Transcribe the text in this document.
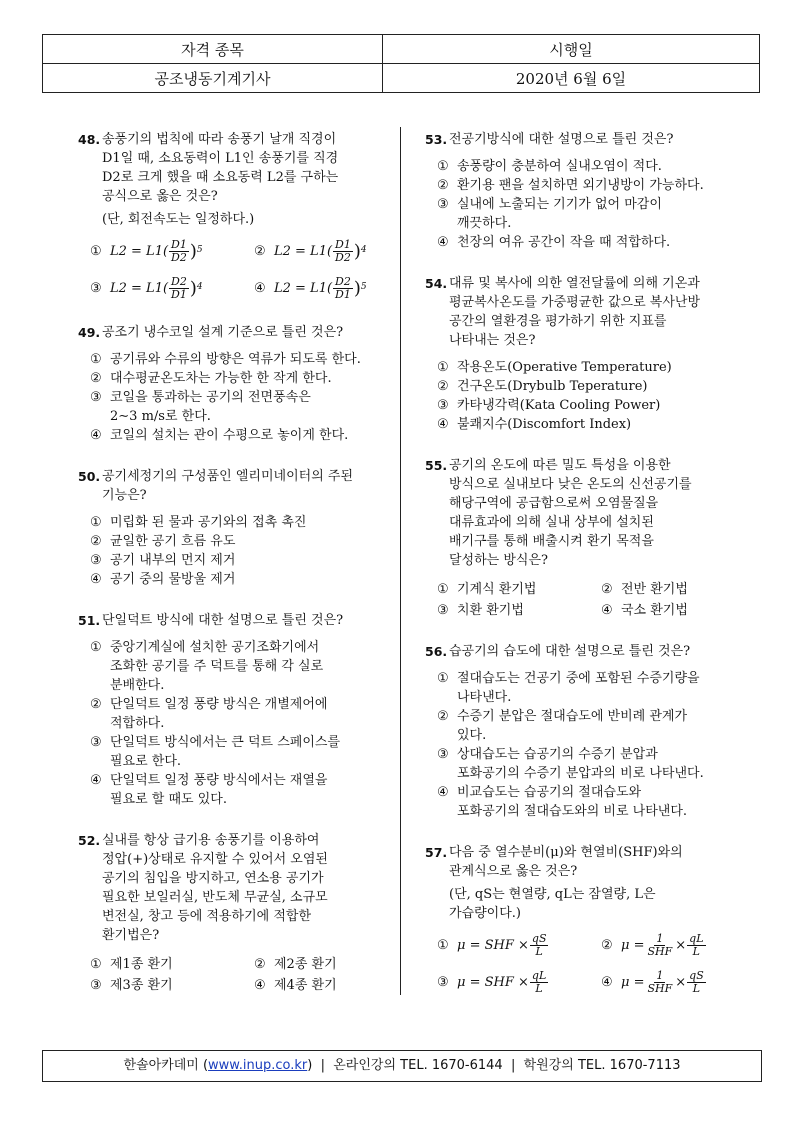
자격 종목	시행일
공조냉동기계기사	2020년 6월 6일
48. 송풍기의 법칙에 따라 송풍기 날개 직경이
D1일 때, 소요동력이 L1인 송풍기를 직경
D2로 크게 했을 때 소요동력 L2를 구하는
공식으로 옳은 것은?
(단, 회전속도는 일정하다.)
① $L2 = L1( \frac{D1}{D2}$ ) 5	② $L2 = L1( \frac{D1}{D2}$ ) 4
③ $L2 = L1( \frac{D2}{D1}$ ) 4	④ $L2 = L1( \frac{D2}{D1}$ ) 5
49. 공조기 냉수코일 설계 기준으로 틀린 것은?
① 공기류와 수류의 방향은 역류가 되도록 한다.
② 대수평균온도차는 가능한 한 작게 한다.
③ 코일을 통과하는 공기의 전면풍속은
2∼3 m/s로 한다.
④ 코일의 설치는 관이 수평으로 놓이게 한다.
50. 공기세정기의 구성품인 엘리미네이터의 주된
기능은?
① 미립화 된 물과 공기와의 접촉 촉진
② 균일한 공기 흐름 유도
③ 공기 내부의 먼지 제거
④ 공기 중의 물방울 제거
51. 단일덕트 방식에 대한 설명으로 틀린 것은?
① 중앙기계실에 설치한 공기조화기에서
조화한 공기를 주 덕트를 통해 각 실로
분배한다.
② 단일덕트 일정 풍량 방식은 개별제어에
적합하다.
③ 단일덕트 방식에서는 큰 덕트 스페이스를
필요로 한다.
④ 단일덕트 일정 풍량 방식에서는 재열을
필요로 할 때도 있다.
52. 실내를 항상 급기용 송풍기를 이용하여
정압(+)상태로 유지할 수 있어서 오염된
공기의 침입을 방지하고, 연소용 공기가
필요한 보일러실, 반도체 무균실, 소규모
변전실, 창고 등에 적용하기에 적합한
환기법은?
① 제1종 환기	② 제2종 환기
③ 제3종 환기	④ 제4종 환기
53. 전공기방식에 대한 설명으로 틀린 것은?
① 송풍량이 충분하여 실내오염이 적다.
② 환기용 팬을 설치하면 외기냉방이 가능하다.
③ 실내에 노출되는 기기가 없어 마감이
깨끗하다.
④ 천장의 여유 공간이 작을 때 적합하다.
54. 대류 및 복사에 의한 열전달률에 의해 기온과
평균복사온도를 가중평균한 값으로 복사난방
공간의 열환경을 평가하기 위한 지표를
나타내는 것은?
① 작용온도(Operative Temperature)
② 건구온도(Drybulb Teperature)
③ 카타냉각력(Kata Cooling Power)
④ 불쾌지수(Discomfort Index)
55. 공기의 온도에 따른 밀도 특성을 이용한
방식으로 실내보다 낮은 온도의 신선공기를
해당구역에 공급함으로써 오염물질을
대류효과에 의해 실내 상부에 설치된
배기구를 통해 배출시켜 환기 목적을
달성하는 방식은?
① 기계식 환기법	② 전반 환기법
③ 치환 환기법	④ 국소 환기법
56. 습공기의 습도에 대한 설명으로 틀린 것은?
① 절대습도는 건공기 중에 포함된 수증기량을
나타낸다.
② 수증기 분압은 절대습도에 반비례 관계가
있다.
③ 상대습도는 습공기의 수증기 분압과
포화공기의 수증기 분압과의 비로 나타낸다.
④ 비교습도는 습공기의 절대습도와
포화공기의 절대습도와의 비로 나타낸다.
57. 다음 중 열수분비(μ)와 현열비(SHF)와의
관계식으로 옳은 것은?
(단, qS는 현열량, qL는 잠열량, L은
가습량이다.)
① μ = SHF × $\frac{qS}{L}$	② $\mu = \frac{1}{\text{SHF}} \times \frac{qL}{L}$
③ μ = SHF × $\frac{qL}{L}$	④ $\mu = \frac{1}{\text{SHF}} \times \frac{qS}{L}$
한솔아카데미 (www.inup.co.kr)  | 온라인강의 TEL. 1670-6144 | 학원강의 TEL. 1670-7113
